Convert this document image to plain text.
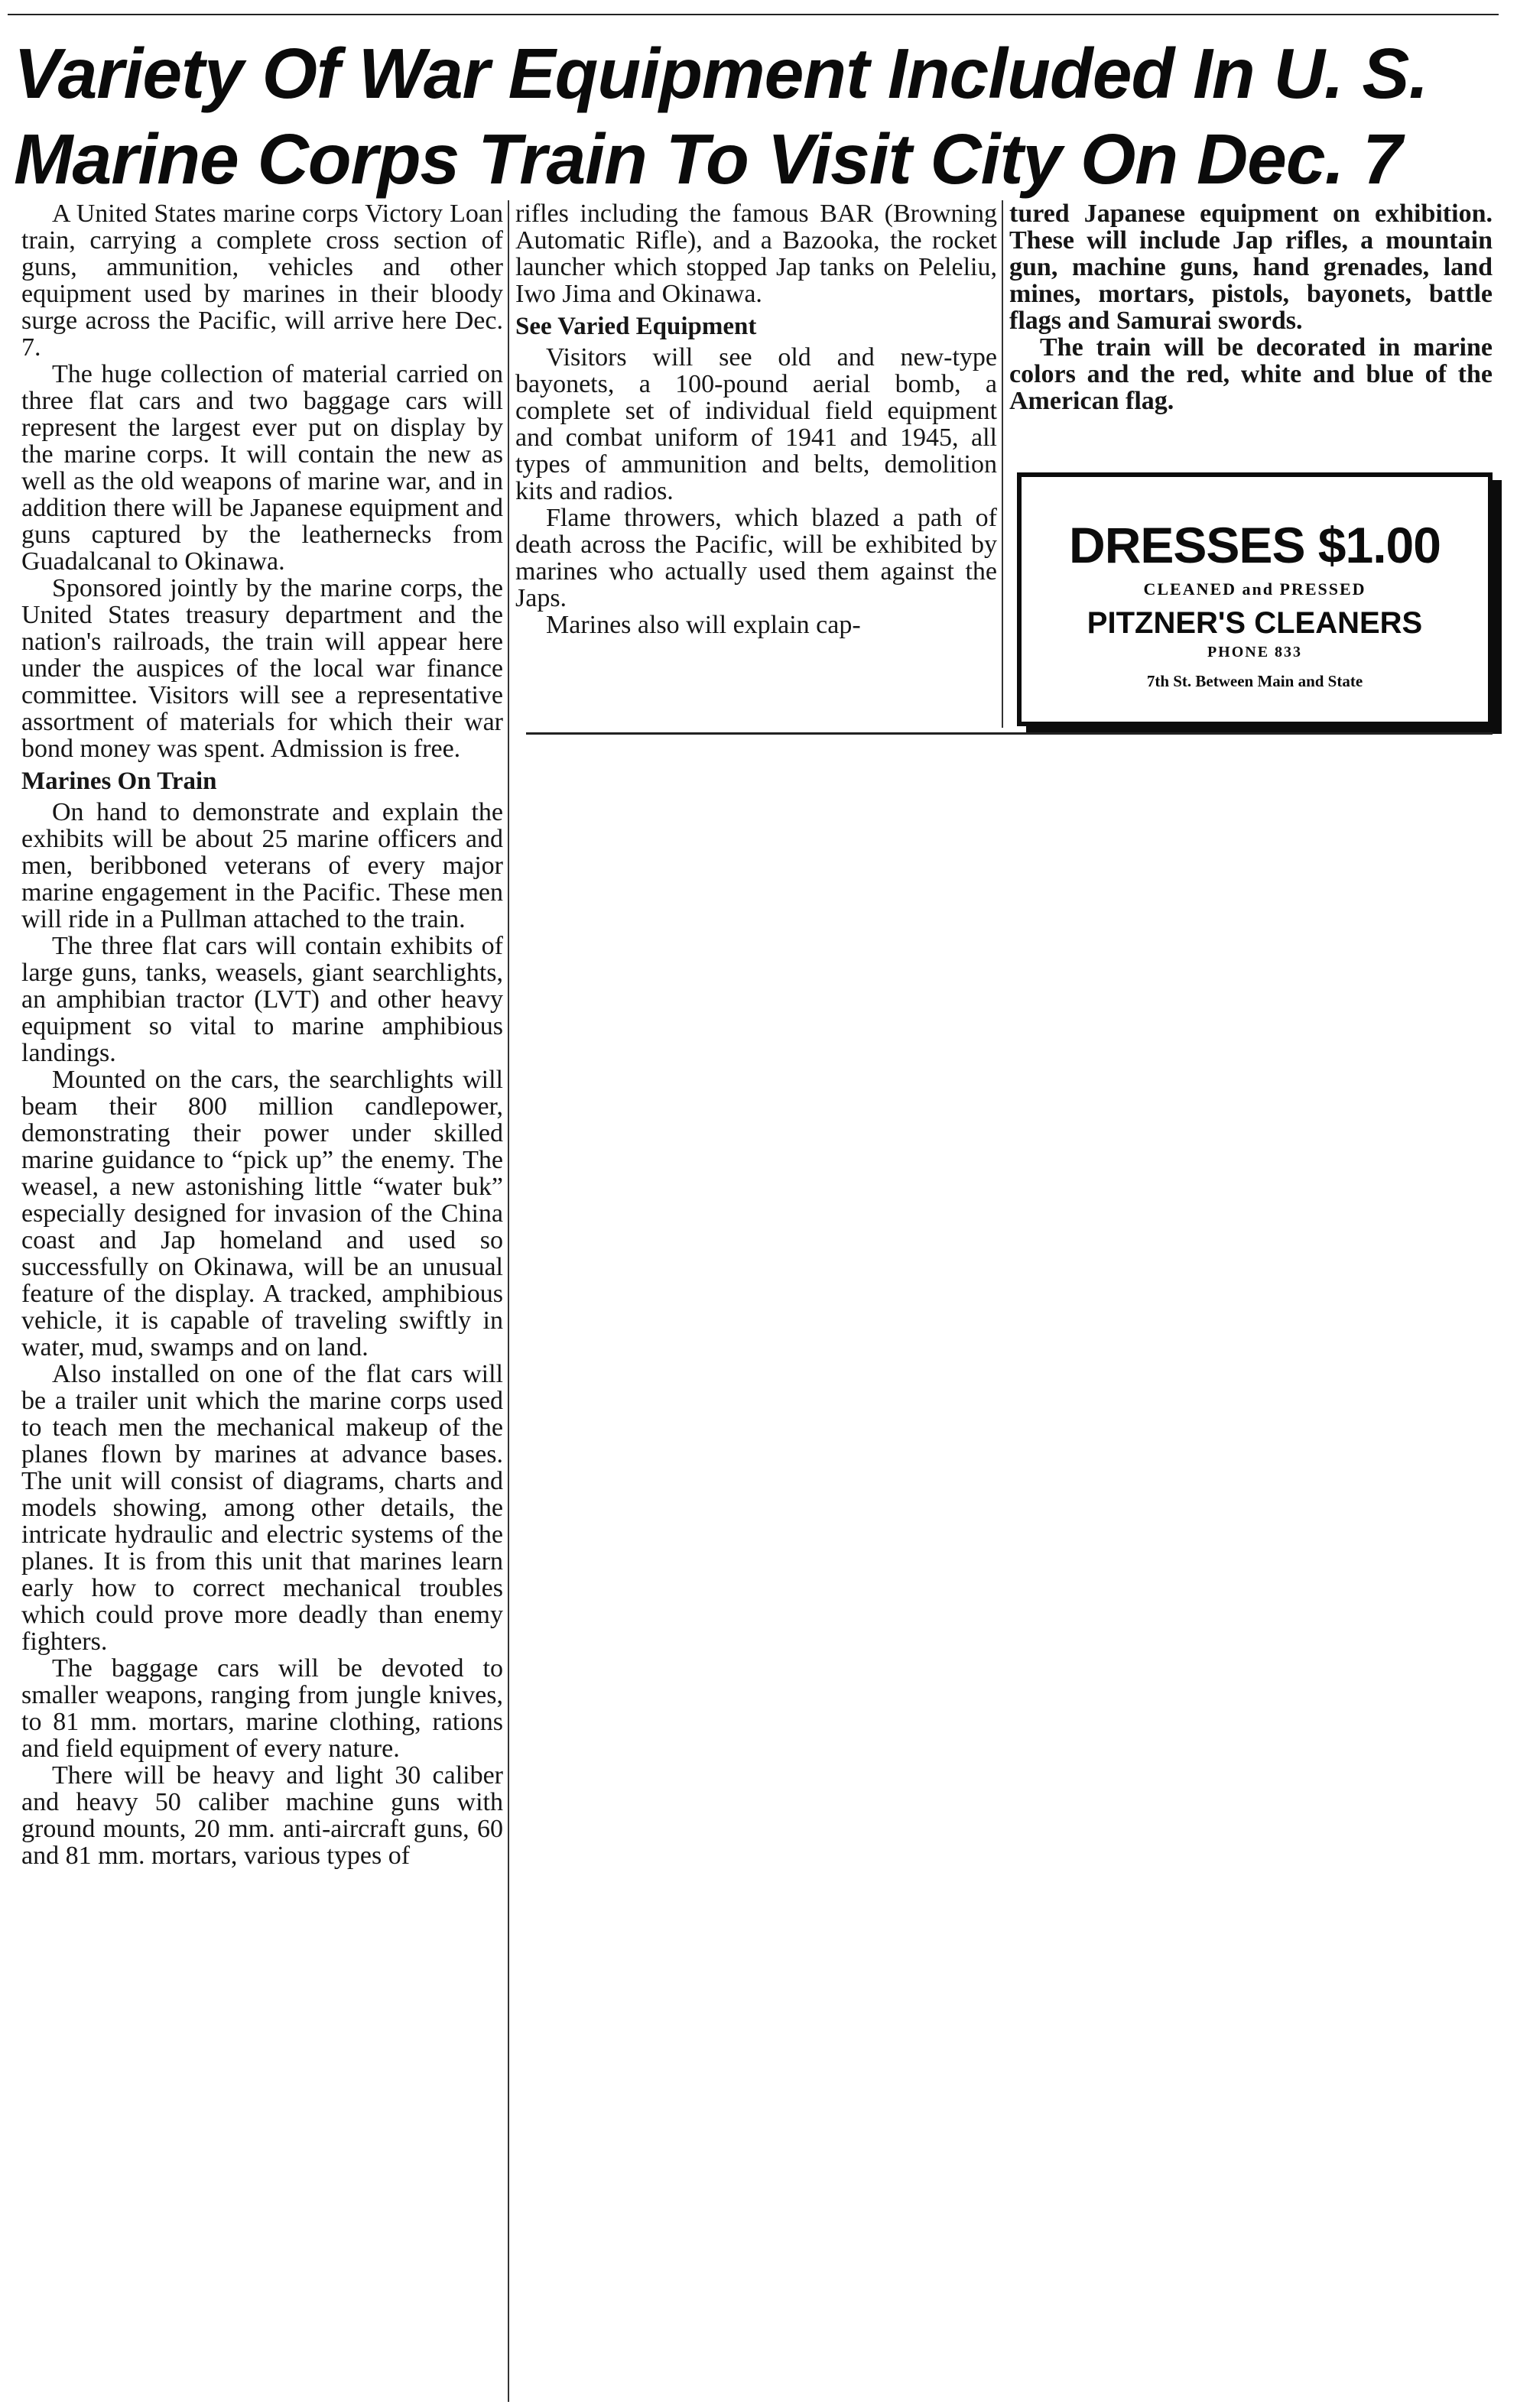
Variety Of War Equipment Included In U. S.
Marine Corps Train To Visit City On Dec. 7

A United States marine corps Victory Loan train, carrying a complete cross section of guns, ammunition, vehicles and other equipment used by marines in their bloody surge across the Pacific, will arrive here Dec. 7.

The huge collection of material carried on three flat cars and two baggage cars will represent the largest ever put on display by the marine corps. It will contain the new as well as the old weapons of marine war, and in addition there will be Japanese equipment and guns captured by the leathernecks from Guadalcanal to Okinawa.

Sponsored jointly by the marine corps, the United States treasury department and the nation's railroads, the train will appear here under the auspices of the local war finance committee. Visitors will see a representative assortment of materials for which their war bond money was spent. Admission is free.

Marines On Train

On hand to demonstrate and explain the exhibits will be about 25 marine officers and men, beribboned veterans of every major marine engagement in the Pacific. These men will ride in a Pullman attached to the train.

The three flat cars will contain exhibits of large guns, tanks, weasels, giant searchlights, an amphibian tractor (LVT) and other heavy equipment so vital to marine amphibious landings.

Mounted on the cars, the searchlights will beam their 800 million candlepower, demonstrating their power under skilled marine guidance to “pick up” the enemy. The weasel, a new astonishing little “water buk” especially designed for invasion of the China coast and Jap homeland and used so successfully on Okinawa, will be an unusual feature of the display. A tracked, amphibious vehicle, it is capable of traveling swiftly in water, mud, swamps and on land.

Also installed on one of the flat cars will be a trailer unit which the marine corps used to teach men the mechanical makeup of the planes flown by marines at advance bases. The unit will consist of diagrams, charts and models showing, among other details, the intricate hydraulic and electric systems of the planes. It is from this unit that marines learn early how to correct mechanical troubles which could prove more deadly than enemy fighters.

The baggage cars will be devoted to smaller weapons, ranging from jungle knives, to 81 mm. mortars, marine clothing, rations and field equipment of every nature.

There will be heavy and light 30 caliber and heavy 50 caliber machine guns with ground mounts, 20 mm. anti-aircraft guns, 60 and 81 mm. mortars, various types of

rifles including the famous BAR (Browning Automatic Rifle), and a Bazooka, the rocket launcher which stopped Jap tanks on Peleliu, Iwo Jima and Okinawa.

See Varied Equipment

Visitors will see old and new-type bayonets, a 100-pound aerial bomb, a complete set of individual field equipment and combat uniform of 1941 and 1945, all types of ammunition and belts, demolition kits and radios.

Flame throwers, which blazed a path of death across the Pacific, will be exhibited by marines who actually used them against the Japs.

Marines also will explain cap-

tured Japanese equipment on exhibition. These will include Jap rifles, a mountain gun, machine guns, hand grenades, land mines, mortars, pistols, bayonets, battle flags and Samurai swords.

The train will be decorated in marine colors and the red, white and blue of the American flag.

DRESSES $1.00
CLEANED and PRESSED
PITZNER'S CLEANERS
PHONE 833
7th St. Between Main and State
